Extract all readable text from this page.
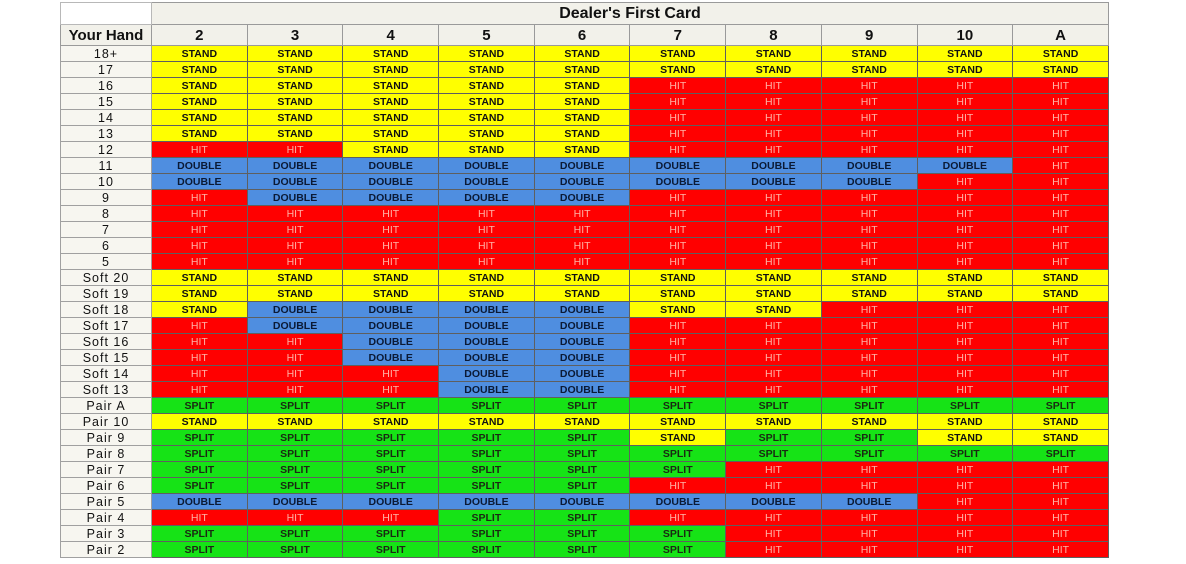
	Dealer's First Card									
Your Hand	2	3	4	5	6	7	8	9	10	A
18+	STAND	STAND	STAND	STAND	STAND	STAND	STAND	STAND	STAND	STAND
17	STAND	STAND	STAND	STAND	STAND	STAND	STAND	STAND	STAND	STAND
16	STAND	STAND	STAND	STAND	STAND	HIT	HIT	HIT	HIT	HIT
15	STAND	STAND	STAND	STAND	STAND	HIT	HIT	HIT	HIT	HIT
14	STAND	STAND	STAND	STAND	STAND	HIT	HIT	HIT	HIT	HIT
13	STAND	STAND	STAND	STAND	STAND	HIT	HIT	HIT	HIT	HIT
12	HIT	HIT	STAND	STAND	STAND	HIT	HIT	HIT	HIT	HIT
11	DOUBLE	DOUBLE	DOUBLE	DOUBLE	DOUBLE	DOUBLE	DOUBLE	DOUBLE	DOUBLE	HIT
10	DOUBLE	DOUBLE	DOUBLE	DOUBLE	DOUBLE	DOUBLE	DOUBLE	DOUBLE	HIT	HIT
9	HIT	DOUBLE	DOUBLE	DOUBLE	DOUBLE	HIT	HIT	HIT	HIT	HIT
8	HIT	HIT	HIT	HIT	HIT	HIT	HIT	HIT	HIT	HIT
7	HIT	HIT	HIT	HIT	HIT	HIT	HIT	HIT	HIT	HIT
6	HIT	HIT	HIT	HIT	HIT	HIT	HIT	HIT	HIT	HIT
5	HIT	HIT	HIT	HIT	HIT	HIT	HIT	HIT	HIT	HIT
Soft 20	STAND	STAND	STAND	STAND	STAND	STAND	STAND	STAND	STAND	STAND
Soft 19	STAND	STAND	STAND	STAND	STAND	STAND	STAND	STAND	STAND	STAND
Soft 18	STAND	DOUBLE	DOUBLE	DOUBLE	DOUBLE	STAND	STAND	HIT	HIT	HIT
Soft 17	HIT	DOUBLE	DOUBLE	DOUBLE	DOUBLE	HIT	HIT	HIT	HIT	HIT
Soft 16	HIT	HIT	DOUBLE	DOUBLE	DOUBLE	HIT	HIT	HIT	HIT	HIT
Soft 15	HIT	HIT	DOUBLE	DOUBLE	DOUBLE	HIT	HIT	HIT	HIT	HIT
Soft 14	HIT	HIT	HIT	DOUBLE	DOUBLE	HIT	HIT	HIT	HIT	HIT
Soft 13	HIT	HIT	HIT	DOUBLE	DOUBLE	HIT	HIT	HIT	HIT	HIT
Pair A	SPLIT	SPLIT	SPLIT	SPLIT	SPLIT	SPLIT	SPLIT	SPLIT	SPLIT	SPLIT
Pair 10	STAND	STAND	STAND	STAND	STAND	STAND	STAND	STAND	STAND	STAND
Pair 9	SPLIT	SPLIT	SPLIT	SPLIT	SPLIT	STAND	SPLIT	SPLIT	STAND	STAND
Pair 8	SPLIT	SPLIT	SPLIT	SPLIT	SPLIT	SPLIT	SPLIT	SPLIT	SPLIT	SPLIT
Pair 7	SPLIT	SPLIT	SPLIT	SPLIT	SPLIT	SPLIT	HIT	HIT	HIT	HIT
Pair 6	SPLIT	SPLIT	SPLIT	SPLIT	SPLIT	HIT	HIT	HIT	HIT	HIT
Pair 5	DOUBLE	DOUBLE	DOUBLE	DOUBLE	DOUBLE	DOUBLE	DOUBLE	DOUBLE	HIT	HIT
Pair 4	HIT	HIT	HIT	SPLIT	SPLIT	HIT	HIT	HIT	HIT	HIT
Pair 3	SPLIT	SPLIT	SPLIT	SPLIT	SPLIT	SPLIT	HIT	HIT	HIT	HIT
Pair 2	SPLIT	SPLIT	SPLIT	SPLIT	SPLIT	SPLIT	HIT	HIT	HIT	HIT
